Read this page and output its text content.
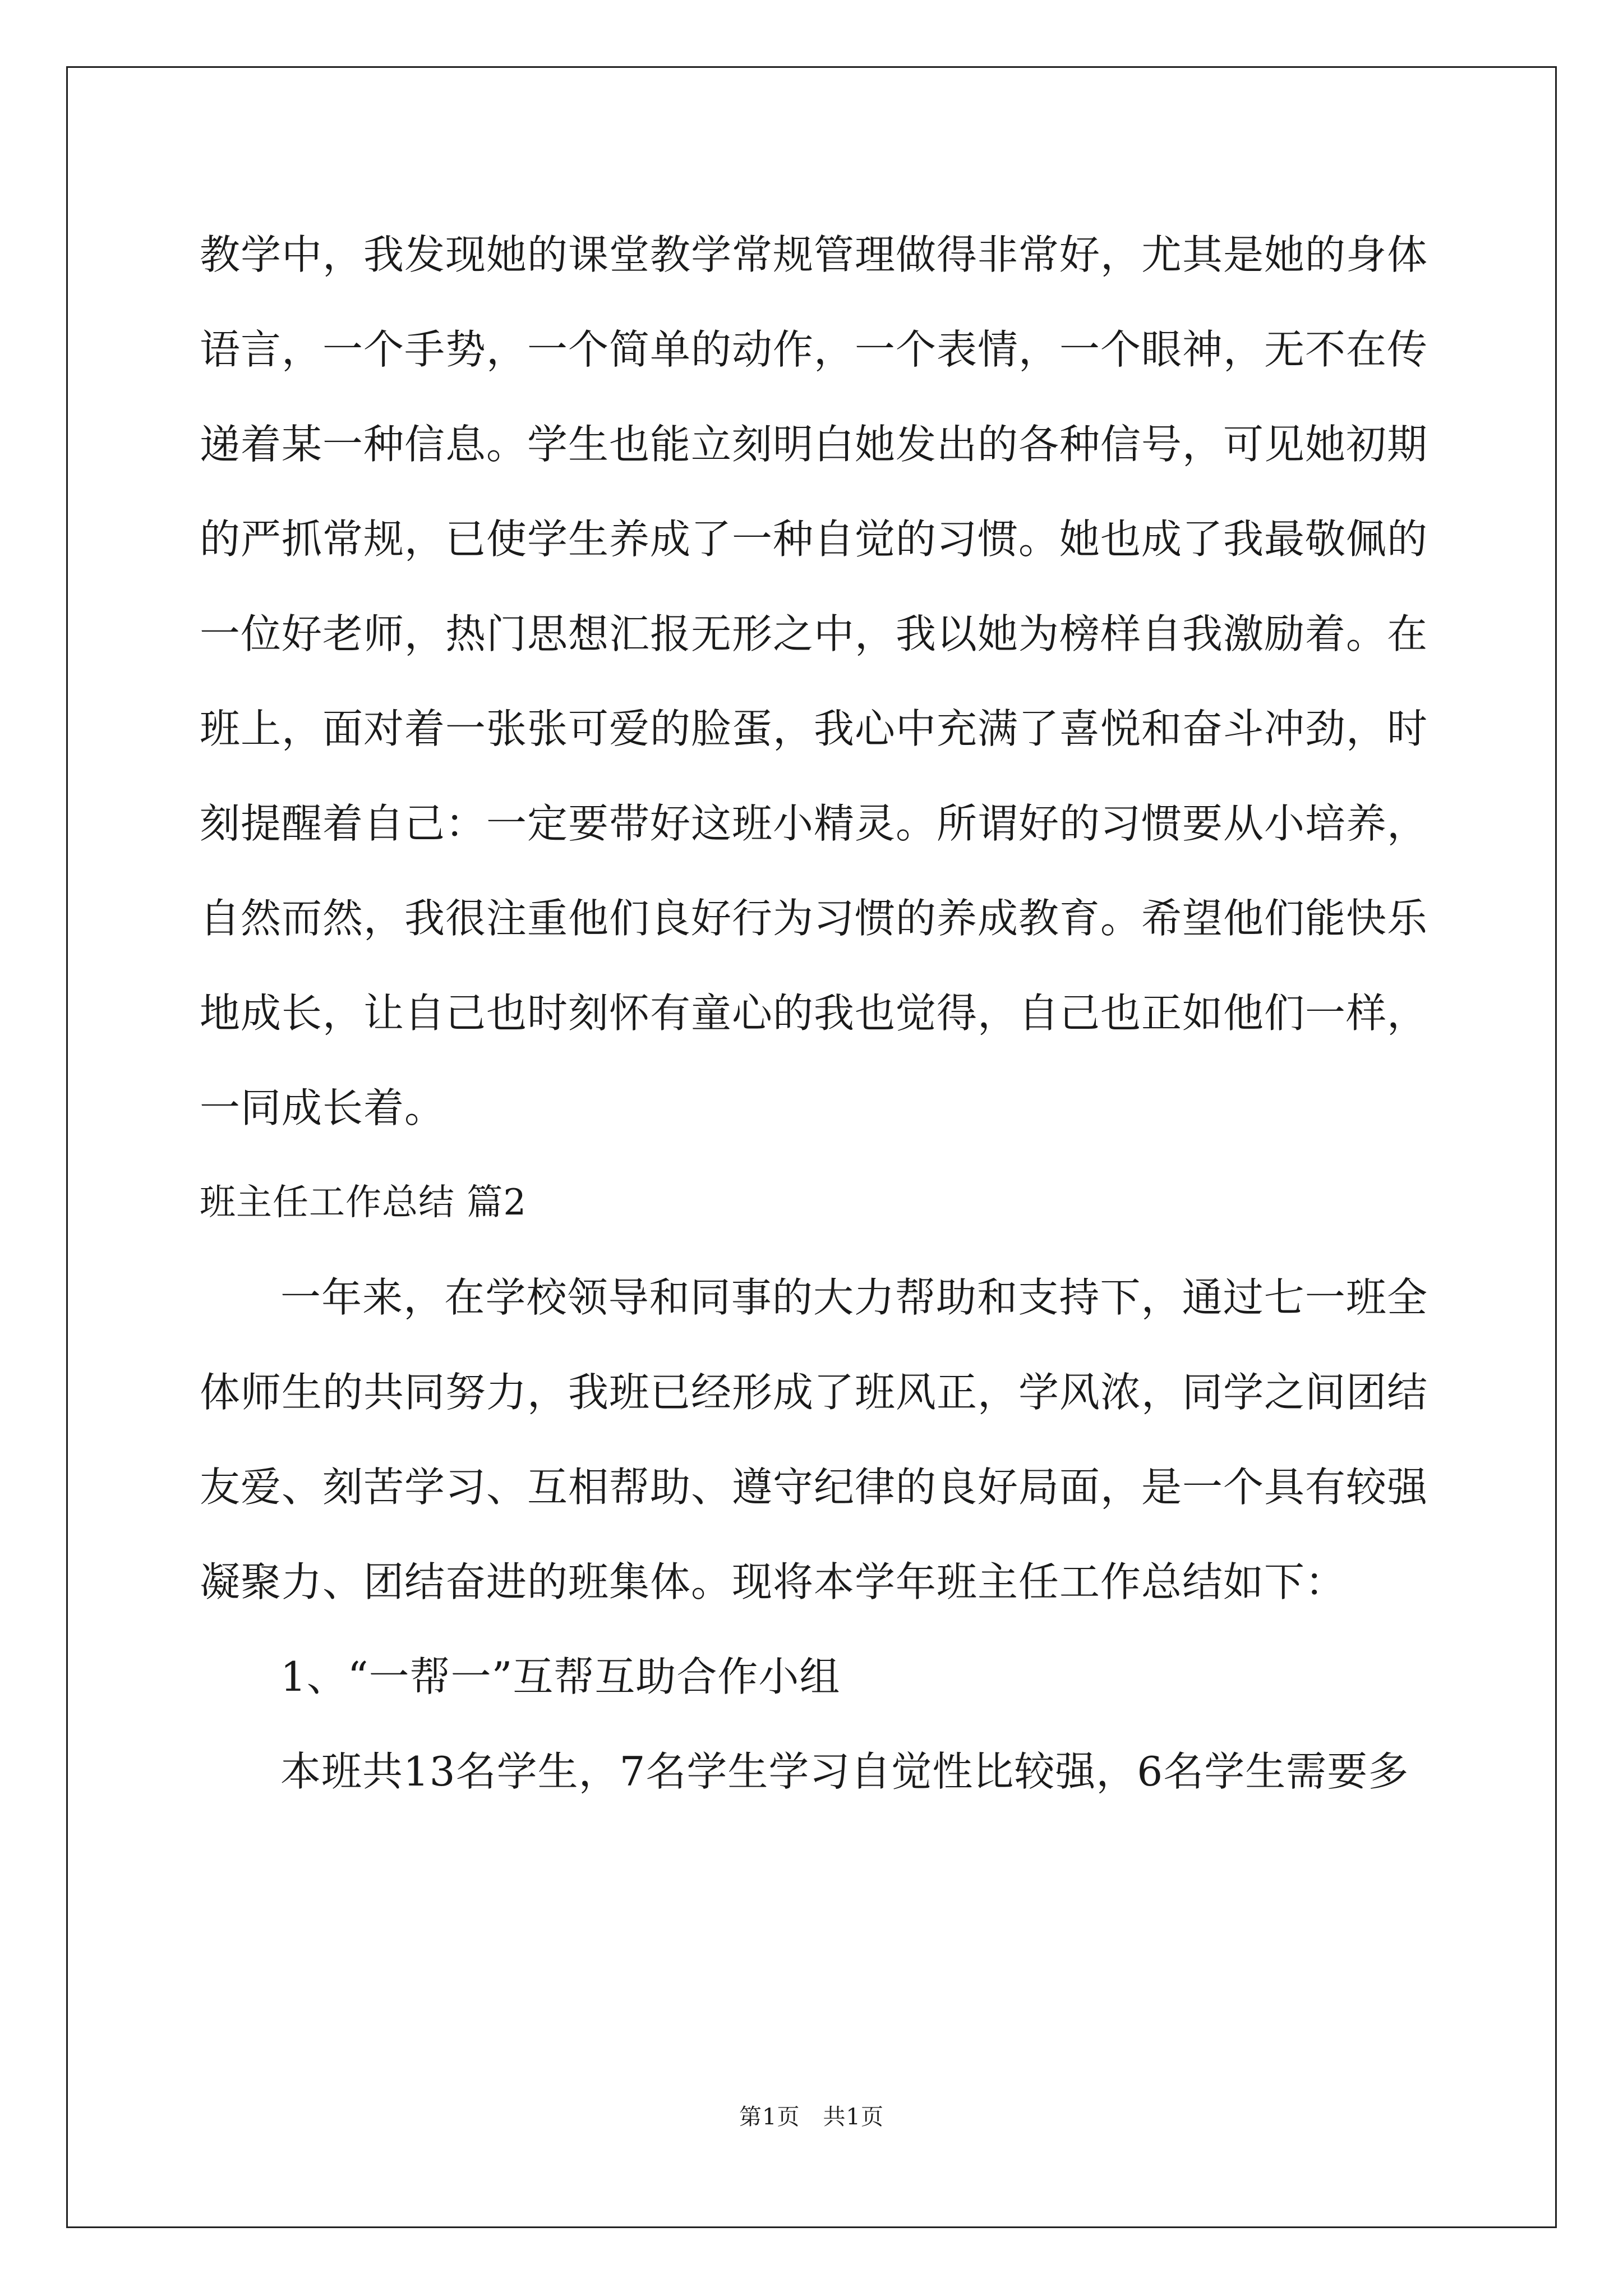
教学中，我发现她的课堂教学常规管理做得非常好，尤其是她的身体语言，一个手势，一个简单的动作，一个表情，一个眼神，无不在传递着某一种信息。学生也能立刻明白她发出的各种信号，可见她初期的严抓常规，已使学生养成了一种自觉的习惯。她也成了我最敬佩的一位好老师，热门思想汇报无形之中，我以她为榜样自我激励着。在班上，面对着一张张可爱的脸蛋，我心中充满了喜悦和奋斗冲劲，时刻提醒着自己：一定要带好这班小精灵。所谓好的习惯要从小培养，自然而然，我很注重他们良好行为习惯的养成教育。希望他们能快乐地成长，让自己也时刻怀有童心的我也觉得，自己也正如他们一样，一同成长着。

班主任工作总结 篇2

一年来，在学校领导和同事的大力帮助和支持下，通过七一班全体师生的共同努力，我班已经形成了班风正，学风浓，同学之间团结友爱、刻苦学习、互相帮助、遵守纪律的良好局面，是一个具有较强凝聚力、团结奋进的班集体。现将本学年班主任工作总结如下：

1、“一帮一”互帮互助合作小组

本班共13名学生，7名学生学习自觉性比较强，6名学生需要多

第1页　共1页
